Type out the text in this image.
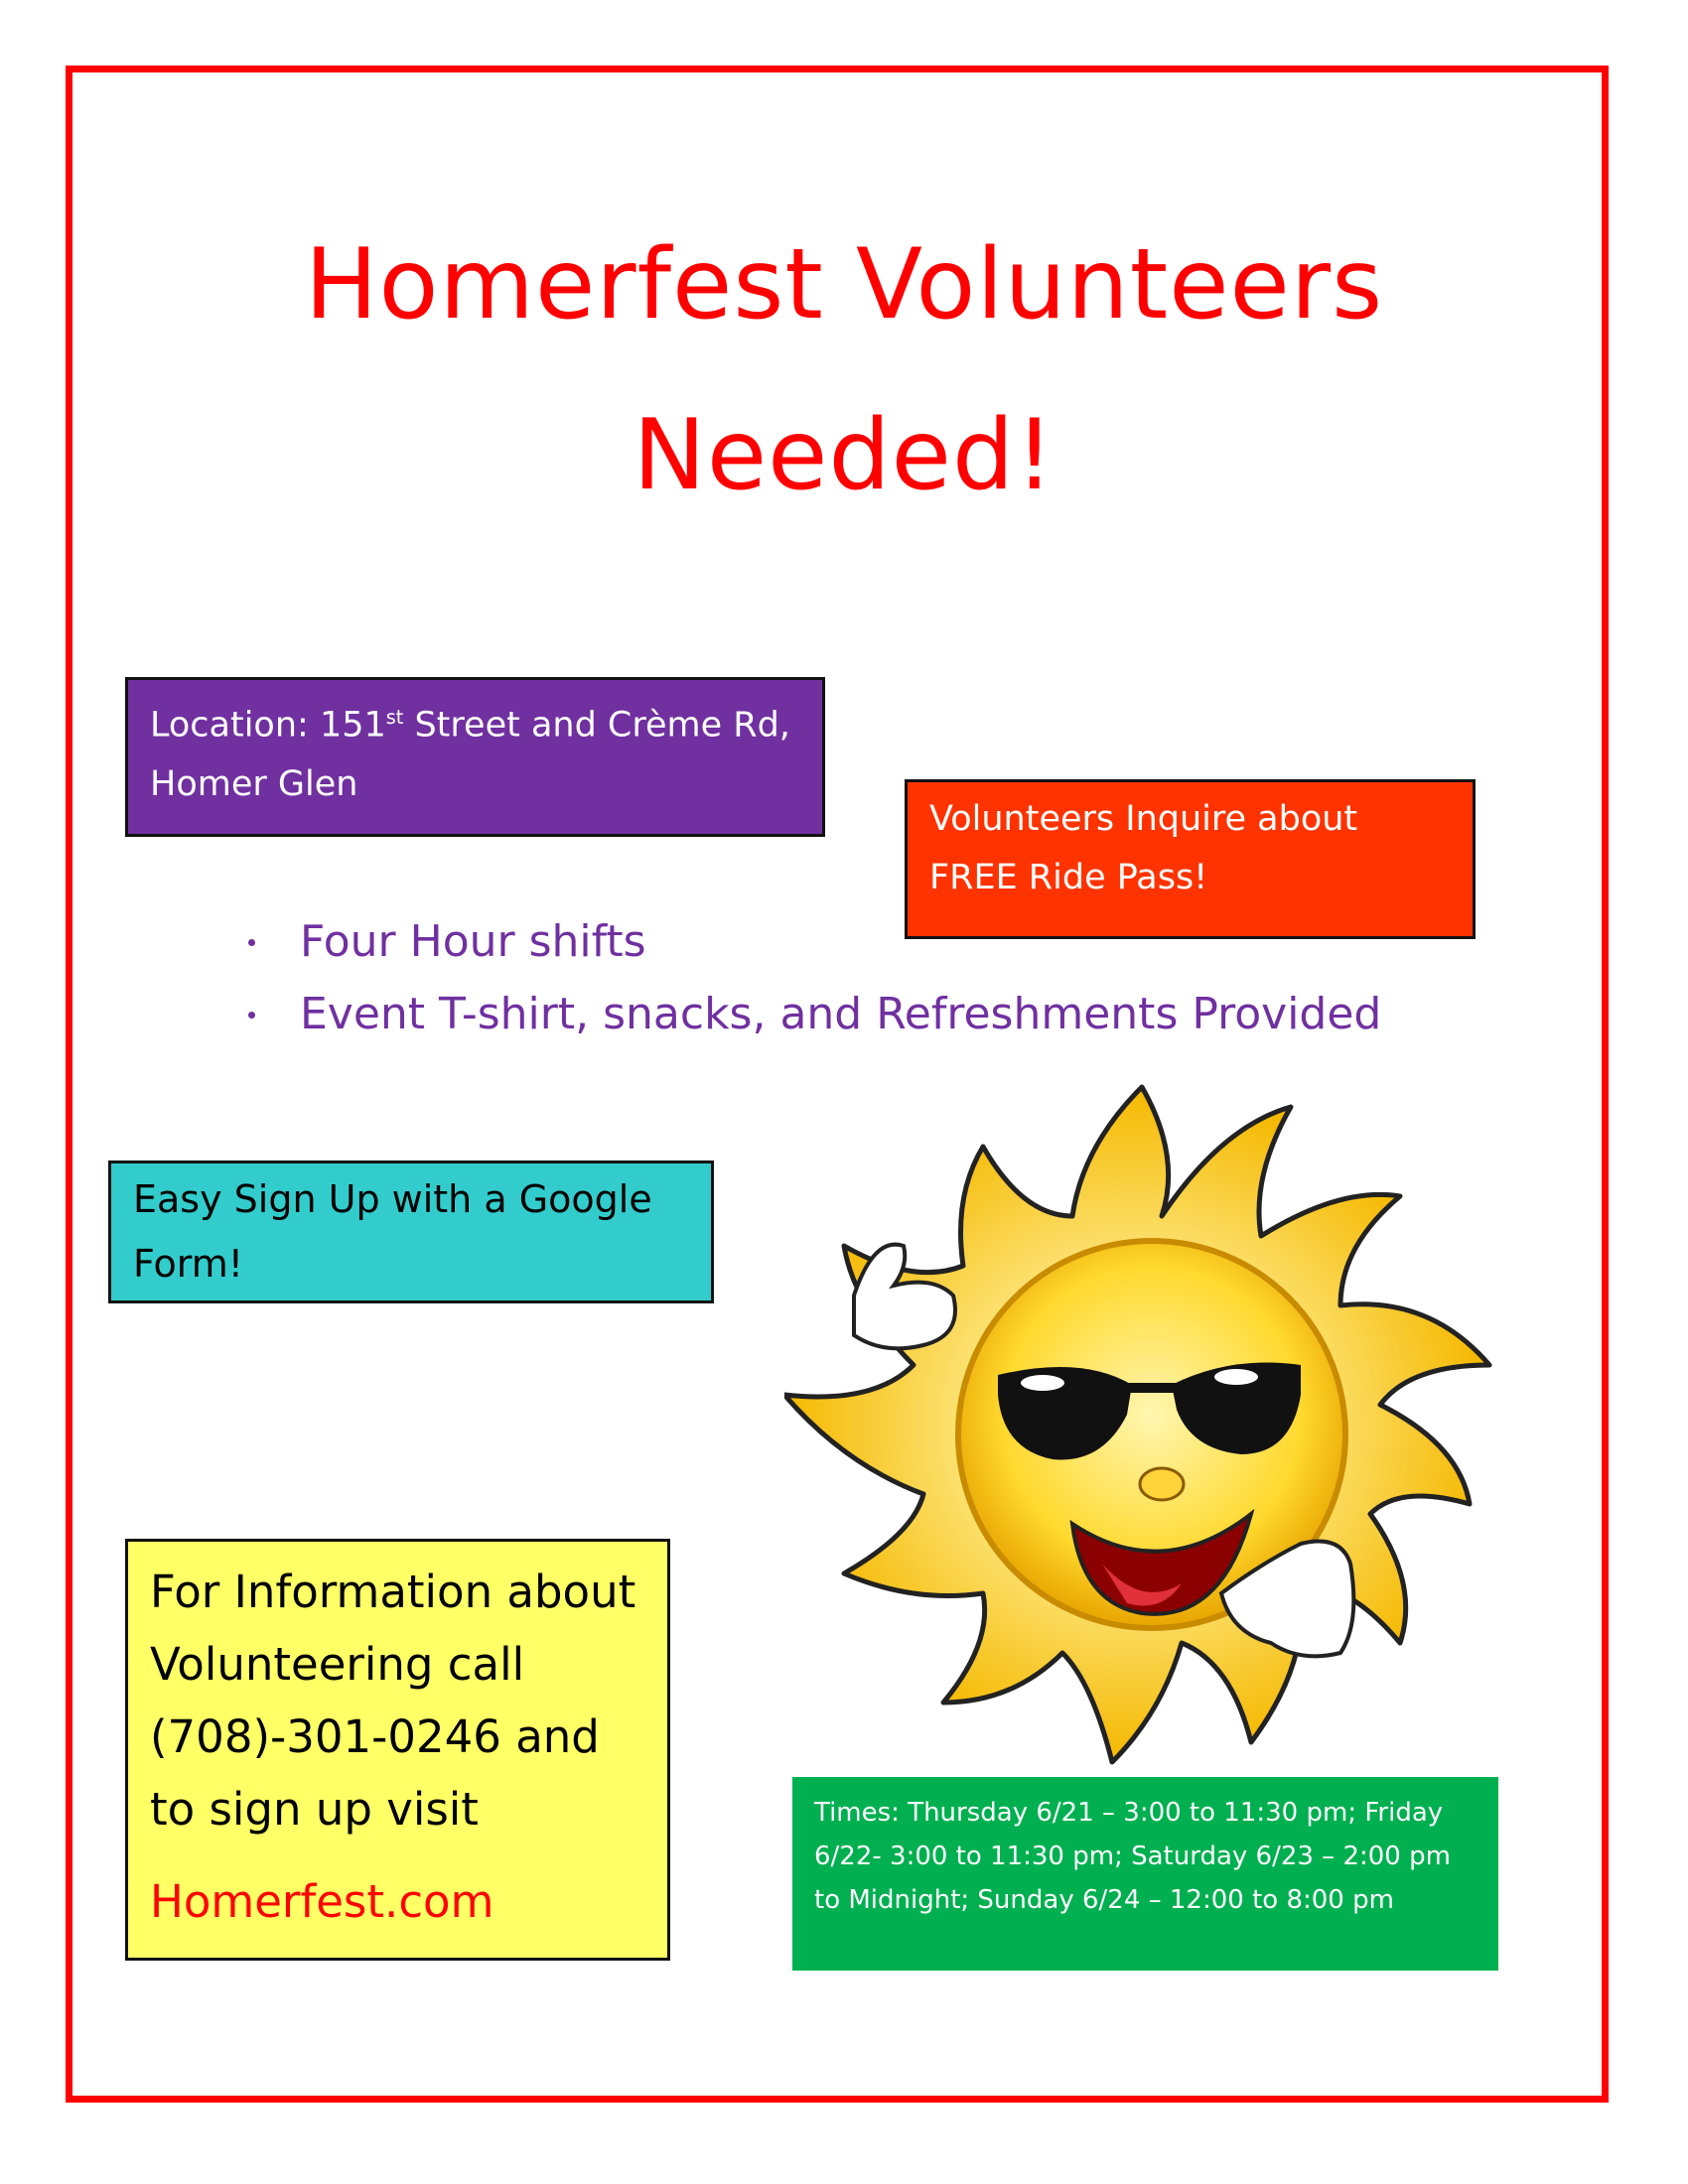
Homerfest Volunteers
Needed!
Location: 151st Street and Crème Rd,
Homer Glen
Volunteers Inquire about
FREE Ride Pass!
Four Hour shifts
Event T-shirt, snacks, and Refreshments Provided
Easy Sign Up with a Google
Form!
For Information about
Volunteering call
(708)-301-0246 and
to sign up visit
Homerfest.com
Times: Thursday 6/21 – 3:00 to 11:30 pm; Friday
6/22- 3:00 to 11:30 pm; Saturday 6/23 – 2:00 pm
to Midnight; Sunday 6/24 – 12:00 to 8:00 pm
